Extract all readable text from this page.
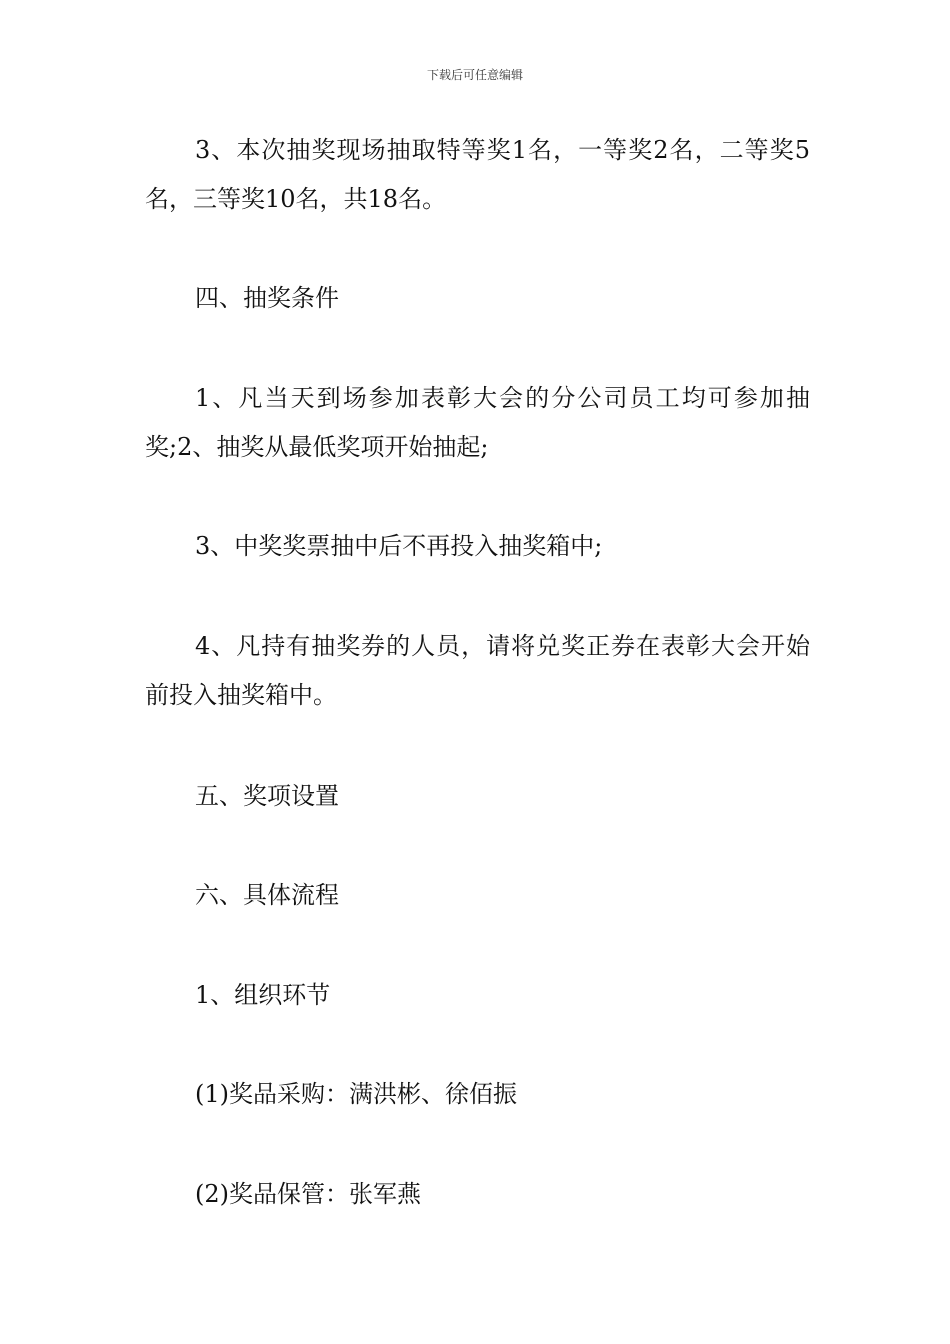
下载后可任意编辑

3、本次抽奖现场抽取特等奖1名，一等奖2名，二等奖5名，三等奖10名，共18名。

四、抽奖条件

1、凡当天到场参加表彰大会的分公司员工均可参加抽奖;2、抽奖从最低奖项开始抽起;

3、中奖奖票抽中后不再投入抽奖箱中;

4、凡持有抽奖券的人员，请将兑奖正券在表彰大会开始前投入抽奖箱中。

五、奖项设置

六、具体流程

1、组织环节

(1)奖品采购：满洪彬、徐佰振

(2)奖品保管：张军燕
